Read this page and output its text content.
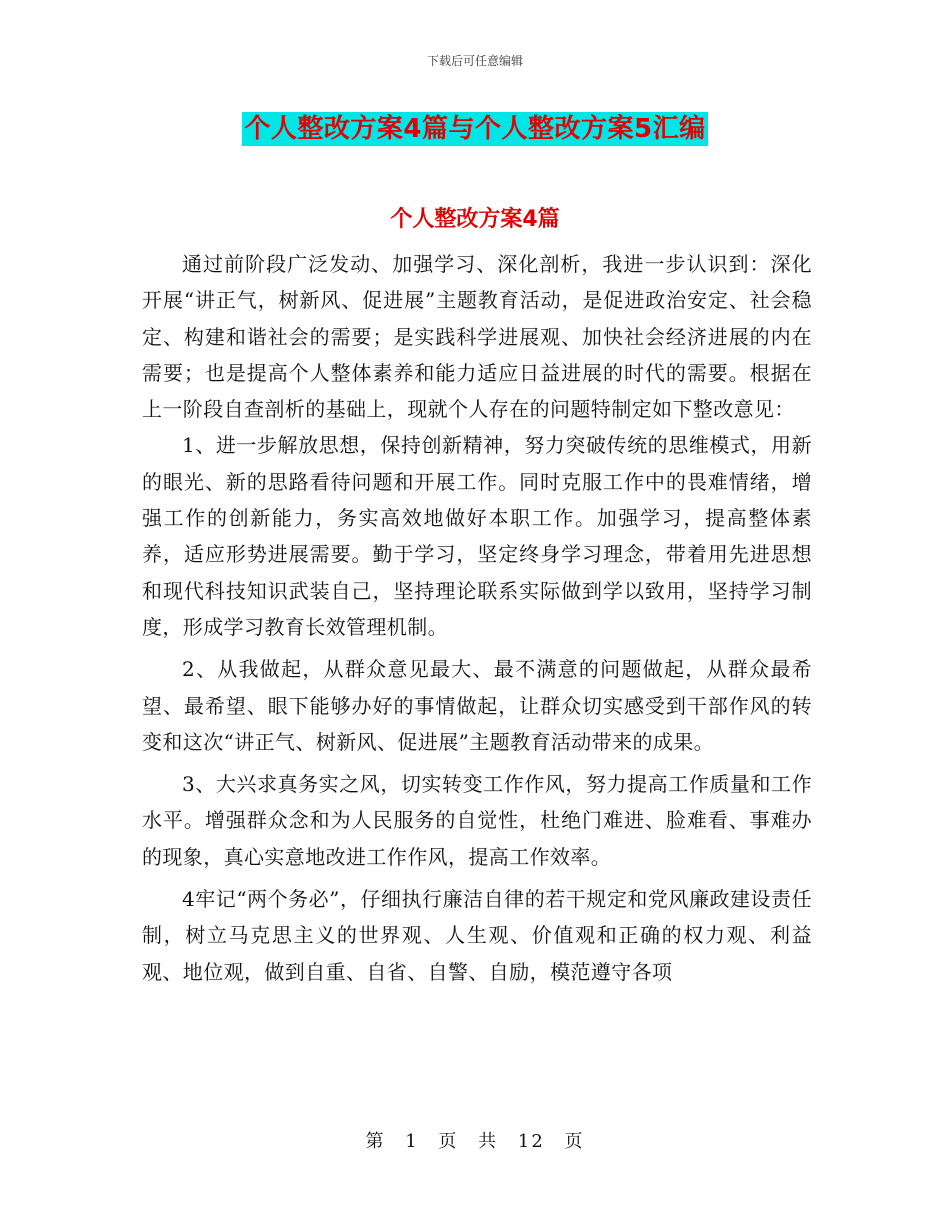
下载后可任意编辑
个人整改方案4篇与个人整改方案5汇编
个人整改方案4篇

通过前阶段广泛发动、加强学习、深化剖析，我进一步认识到：深化开展“讲正气，树新风、促进展”主题教育活动，是促进政治安定、社会稳定、构建和谐社会的需要；是实践科学进展观、加快社会经济进展的内在需要；也是提高个人整体素养和能力适应日益进展的时代的需要。根据在上一阶段自查剖析的基础上，现就个人存在的问题特制定如下整改意见：

1、进一步解放思想，保持创新精神，努力突破传统的思维模式，用新的眼光、新的思路看待问题和开展工作。同时克服工作中的畏难情绪，增强工作的创新能力，务实高效地做好本职工作。加强学习，提高整体素养，适应形势进展需要。勤于学习，坚定终身学习理念，带着用先进思想和现代科技知识武装自己，坚持理论联系实际做到学以致用，坚持学习制度，形成学习教育长效管理机制。

2、从我做起，从群众意见最大、最不满意的问题做起，从群众最希望、最希望、眼下能够办好的事情做起，让群众切实感受到干部作风的转变和这次“讲正气、树新风、促进展”主题教育活动带来的成果。

3、大兴求真务实之风，切实转变工作作风，努力提高工作质量和工作水平。增强群众念和为人民服务的自觉性，杜绝门难进、脸难看、事难办的现象，真心实意地改进工作作风，提高工作效率。

4牢记“两个务必”，仔细执行廉洁自律的若干规定和党风廉政建设责任制，树立马克思主义的世界观、人生观、价值观和正确的权力观、利益观、地位观，做到自重、自省、自警、自励，模范遵守各项

第 1 页 共 12 页
